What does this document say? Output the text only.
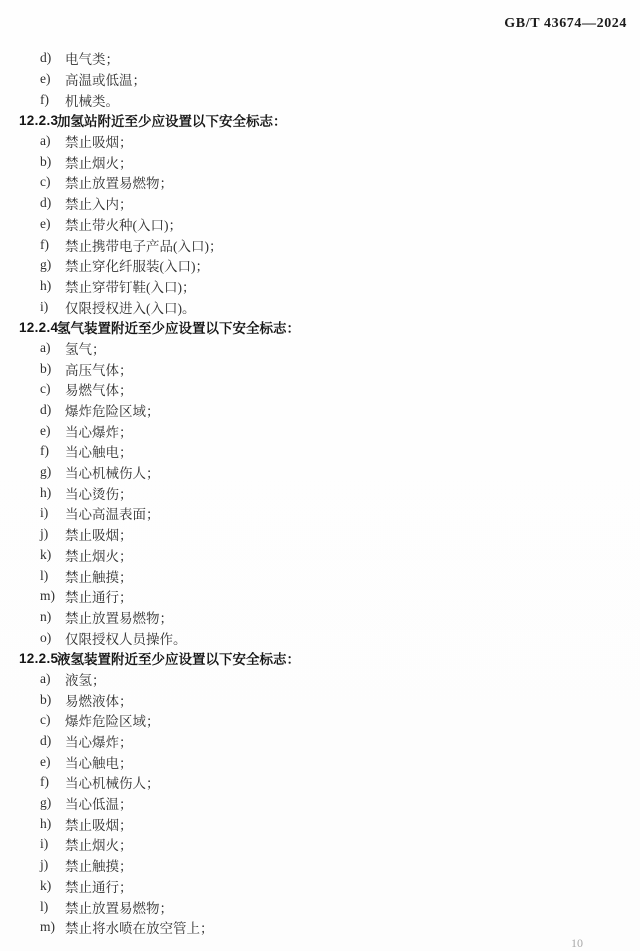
GB/T 43674—2024
d)	电气类；
e)	高温或低温；
f)	机械类。
12.2.3
加氢站附近至少应设置以下安全标志：
a)	禁止吸烟；
b)	禁止烟火；
c)	禁止放置易燃物；
d)	禁止入内；
e)	禁止带火种(入口)；
f)	禁止携带电子产品(入口)；
g)	禁止穿化纤服装(入口)；
h)	禁止穿带钉鞋(入口)；
i)	仅限授权进入(入口)。
12.2.4
氢气装置附近至少应设置以下安全标志：
a)	氢气；
b)	高压气体；
c)	易燃气体；
d)	爆炸危险区域；
e)	当心爆炸；
f)	当心触电；
g)	当心机械伤人；
h)	当心烫伤；
i)	当心高温表面；
j)	禁止吸烟；
k)	禁止烟火；
l)	禁止触摸；
m) 禁止通行；
n)	禁止放置易燃物；
o)	仅限授权人员操作。
12.2.5
液氢装置附近至少应设置以下安全标志：
a)	液氢；
b)	易燃液体；
c)	爆炸危险区域；
d)	当心爆炸；
e)	当心触电；
f)	当心机械伤人；
g)	当心低温；
h)	禁止吸烟；
i)	禁止烟火；
j)	禁止触摸；
k)	禁止通行；
l)	禁止放置易燃物；
m) 禁止将水喷在放空管上；
10
